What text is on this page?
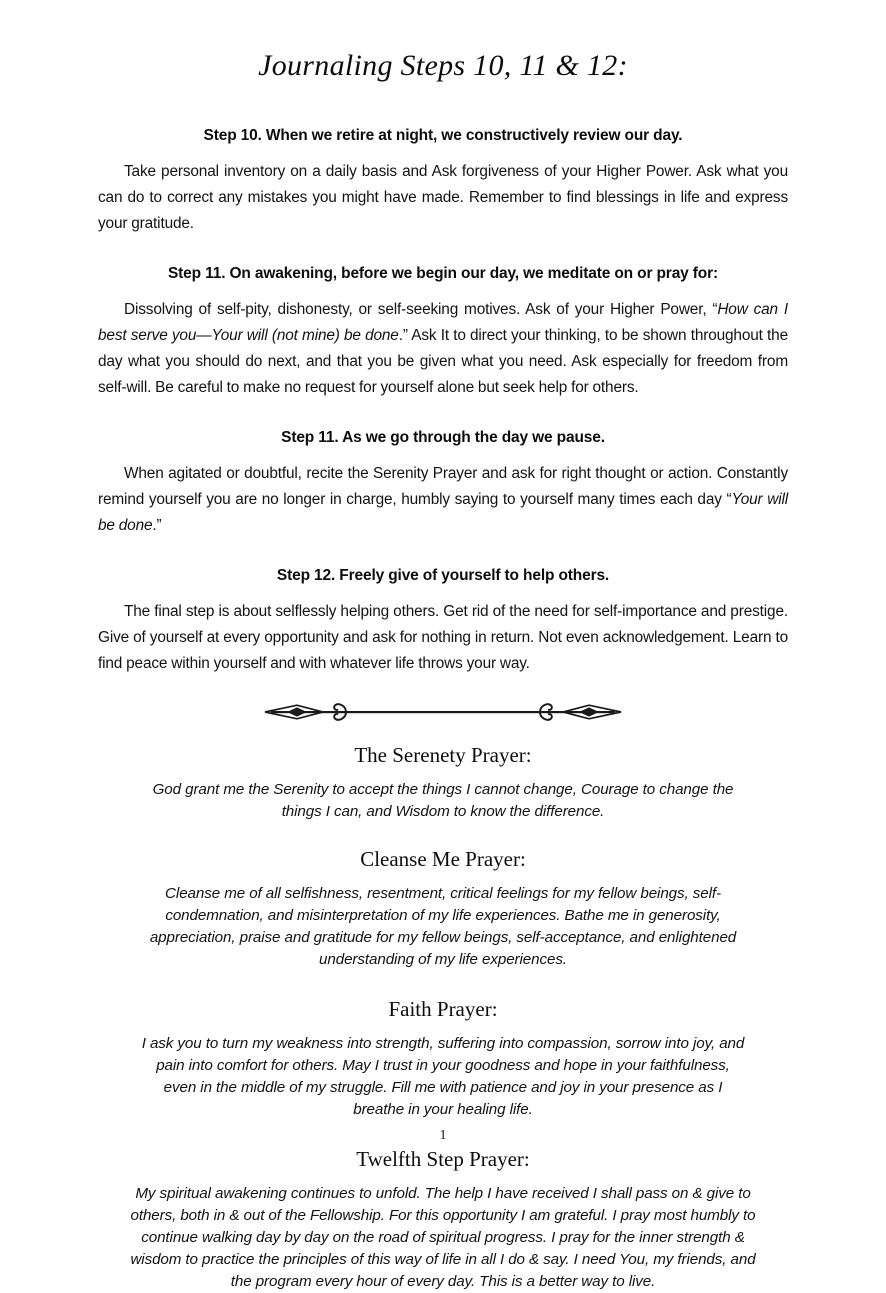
Journaling Steps 10, 11 & 12:
Step 10. When we retire at night, we constructively review our day.

Take personal inventory on a daily basis and Ask forgiveness of your Higher Power. Ask what you can do to correct any mistakes you might have made. Remember to find blessings in life and express your gratitude.

Step 11. On awakening, before we begin our day, we meditate on or pray for:

Dissolving of self-pity, dishonesty, or self-seeking motives. Ask of your Higher Power, “How can I best serve you—Your will (not mine) be done.” Ask It to direct your thinking, to be shown throughout the day what you should do next, and that you be given what you need. Ask especially for freedom from self-will. Be careful to make no request for yourself alone but seek help for others.

Step 11. As we go through the day we pause.

When agitated or doubtful, recite the Serenity Prayer and ask for right thought or action. Constantly remind yourself you are no longer in charge, humbly saying to yourself many times each day “Your will be done.”

Step 12. Freely give of yourself to help others.

The final step is about selflessly helping others. Get rid of the need for self-importance and prestige. Give of yourself at every opportunity and ask for nothing in return. Not even acknowledgement. Learn to find peace within yourself and with whatever life throws your way.

The Serenety Prayer:

God grant me the Serenity to accept the things I cannot change, Courage to change the things I can, and Wisdom to know the difference.

Cleanse Me Prayer:

Cleanse me of all selfishness, resentment, critical feelings for my fellow beings, self-condemnation, and misinterpretation of my life experiences. Bathe me in generosity, appreciation, praise and gratitude for my fellow beings, self-acceptance, and enlightened understanding of my life experiences.

Faith Prayer:

I ask you to turn my weakness into strength, suffering into compassion, sorrow into joy, and pain into comfort for others. May I trust in your goodness and hope in your faithfulness, even in the middle of my struggle. Fill me with patience and joy in your presence as I breathe in your healing life.

Twelfth Step Prayer:

My spiritual awakening continues to unfold. The help I have received I shall pass on & give to others, both in & out of the Fellowship. For this opportunity I am grateful. I pray most humbly to continue walking day by day on the road of spiritual progress. I pray for the inner strength & wisdom to practice the principles of this way of life in all I do & say. I need You, my friends, and the program every hour of every day. This is a better way to live.

1
